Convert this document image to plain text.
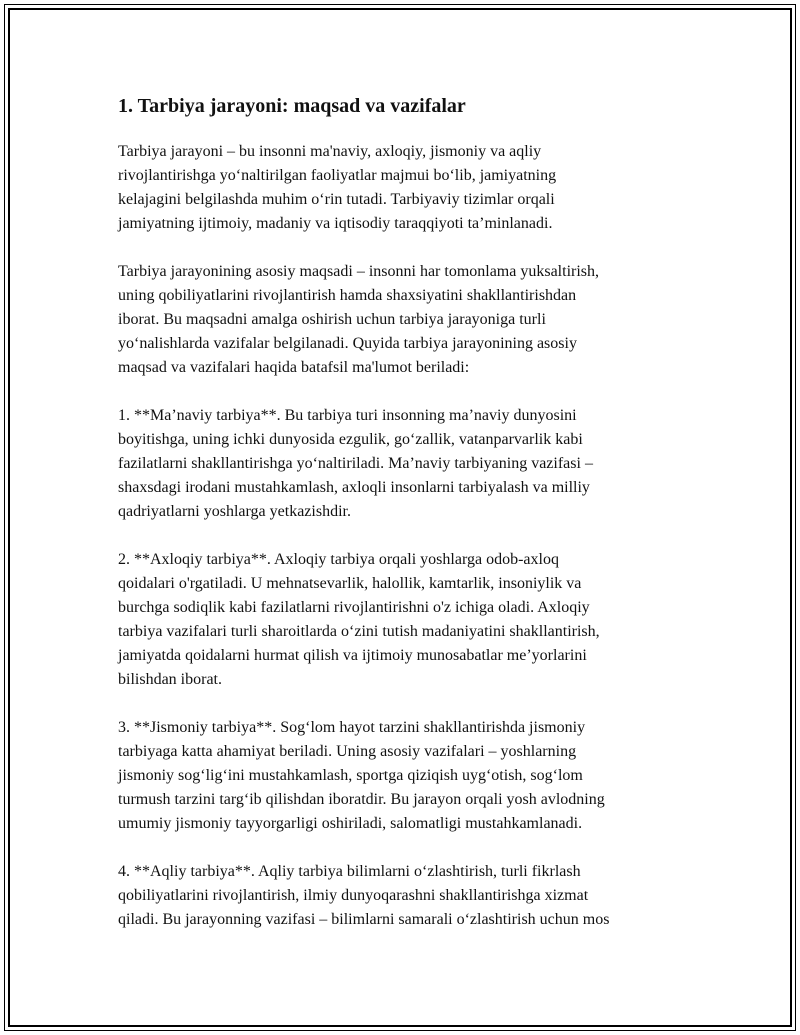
1. Tarbiya jarayoni: maqsad va vazifalar

Tarbiya jarayoni – bu insonni ma'naviy, axloqiy, jismoniy va aqliy
rivojlantirishga yoʻnaltirilgan faoliyatlar majmui boʻlib, jamiyatning
kelajagini belgilashda muhim oʻrin tutadi. Tarbiyaviy tizimlar orqali
jamiyatning ijtimoiy, madaniy va iqtisodiy taraqqiyoti ta’minlanadi.

Tarbiya jarayonining asosiy maqsadi – insonni har tomonlama yuksaltirish,
uning qobiliyatlarini rivojlantirish hamda shaxsiyatini shakllantirishdan
iborat. Bu maqsadni amalga oshirish uchun tarbiya jarayoniga turli
yoʻnalishlarda vazifalar belgilanadi. Quyida tarbiya jarayonining asosiy
maqsad va vazifalari haqida batafsil ma'lumot beriladi:

1. **Ma’naviy tarbiya**. Bu tarbiya turi insonning ma’naviy dunyosini
boyitishga, uning ichki dunyosida ezgulik, goʻzallik, vatanparvarlik kabi
fazilatlarni shakllantirishga yoʻnaltiriladi. Ma’naviy tarbiyaning vazifasi –
shaxsdagi irodani mustahkamlash, axloqli insonlarni tarbiyalash va milliy
qadriyatlarni yoshlarga yetkazishdir.

2. **Axloqiy tarbiya**. Axloqiy tarbiya orqali yoshlarga odob-axloq
qoidalari o'rgatiladi. U mehnatsevarlik, halollik, kamtarlik, insoniylik va
burchga sodiqlik kabi fazilatlarni rivojlantirishni o'z ichiga oladi. Axloqiy
tarbiya vazifalari turli sharoitlarda oʻzini tutish madaniyatini shakllantirish,
jamiyatda qoidalarni hurmat qilish va ijtimoiy munosabatlar me’yorlarini
bilishdan iborat.

3. **Jismoniy tarbiya**. Sogʻlom hayot tarzini shakllantirishda jismoniy
tarbiyaga katta ahamiyat beriladi. Uning asosiy vazifalari – yoshlarning
jismoniy sogʻligʻini mustahkamlash, sportga qiziqish uygʻotish, sogʻlom
turmush tarzini targʻib qilishdan iboratdir. Bu jarayon orqali yosh avlodning
umumiy jismoniy tayyorgarligi oshiriladi, salomatligi mustahkamlanadi.

4. **Aqliy tarbiya**. Aqliy tarbiya bilimlarni oʻzlashtirish, turli fikrlash
qobiliyatlarini rivojlantirish, ilmiy dunyoqarashni shakllantirishga xizmat
qiladi. Bu jarayonning vazifasi – bilimlarni samarali oʻzlashtirish uchun mos
